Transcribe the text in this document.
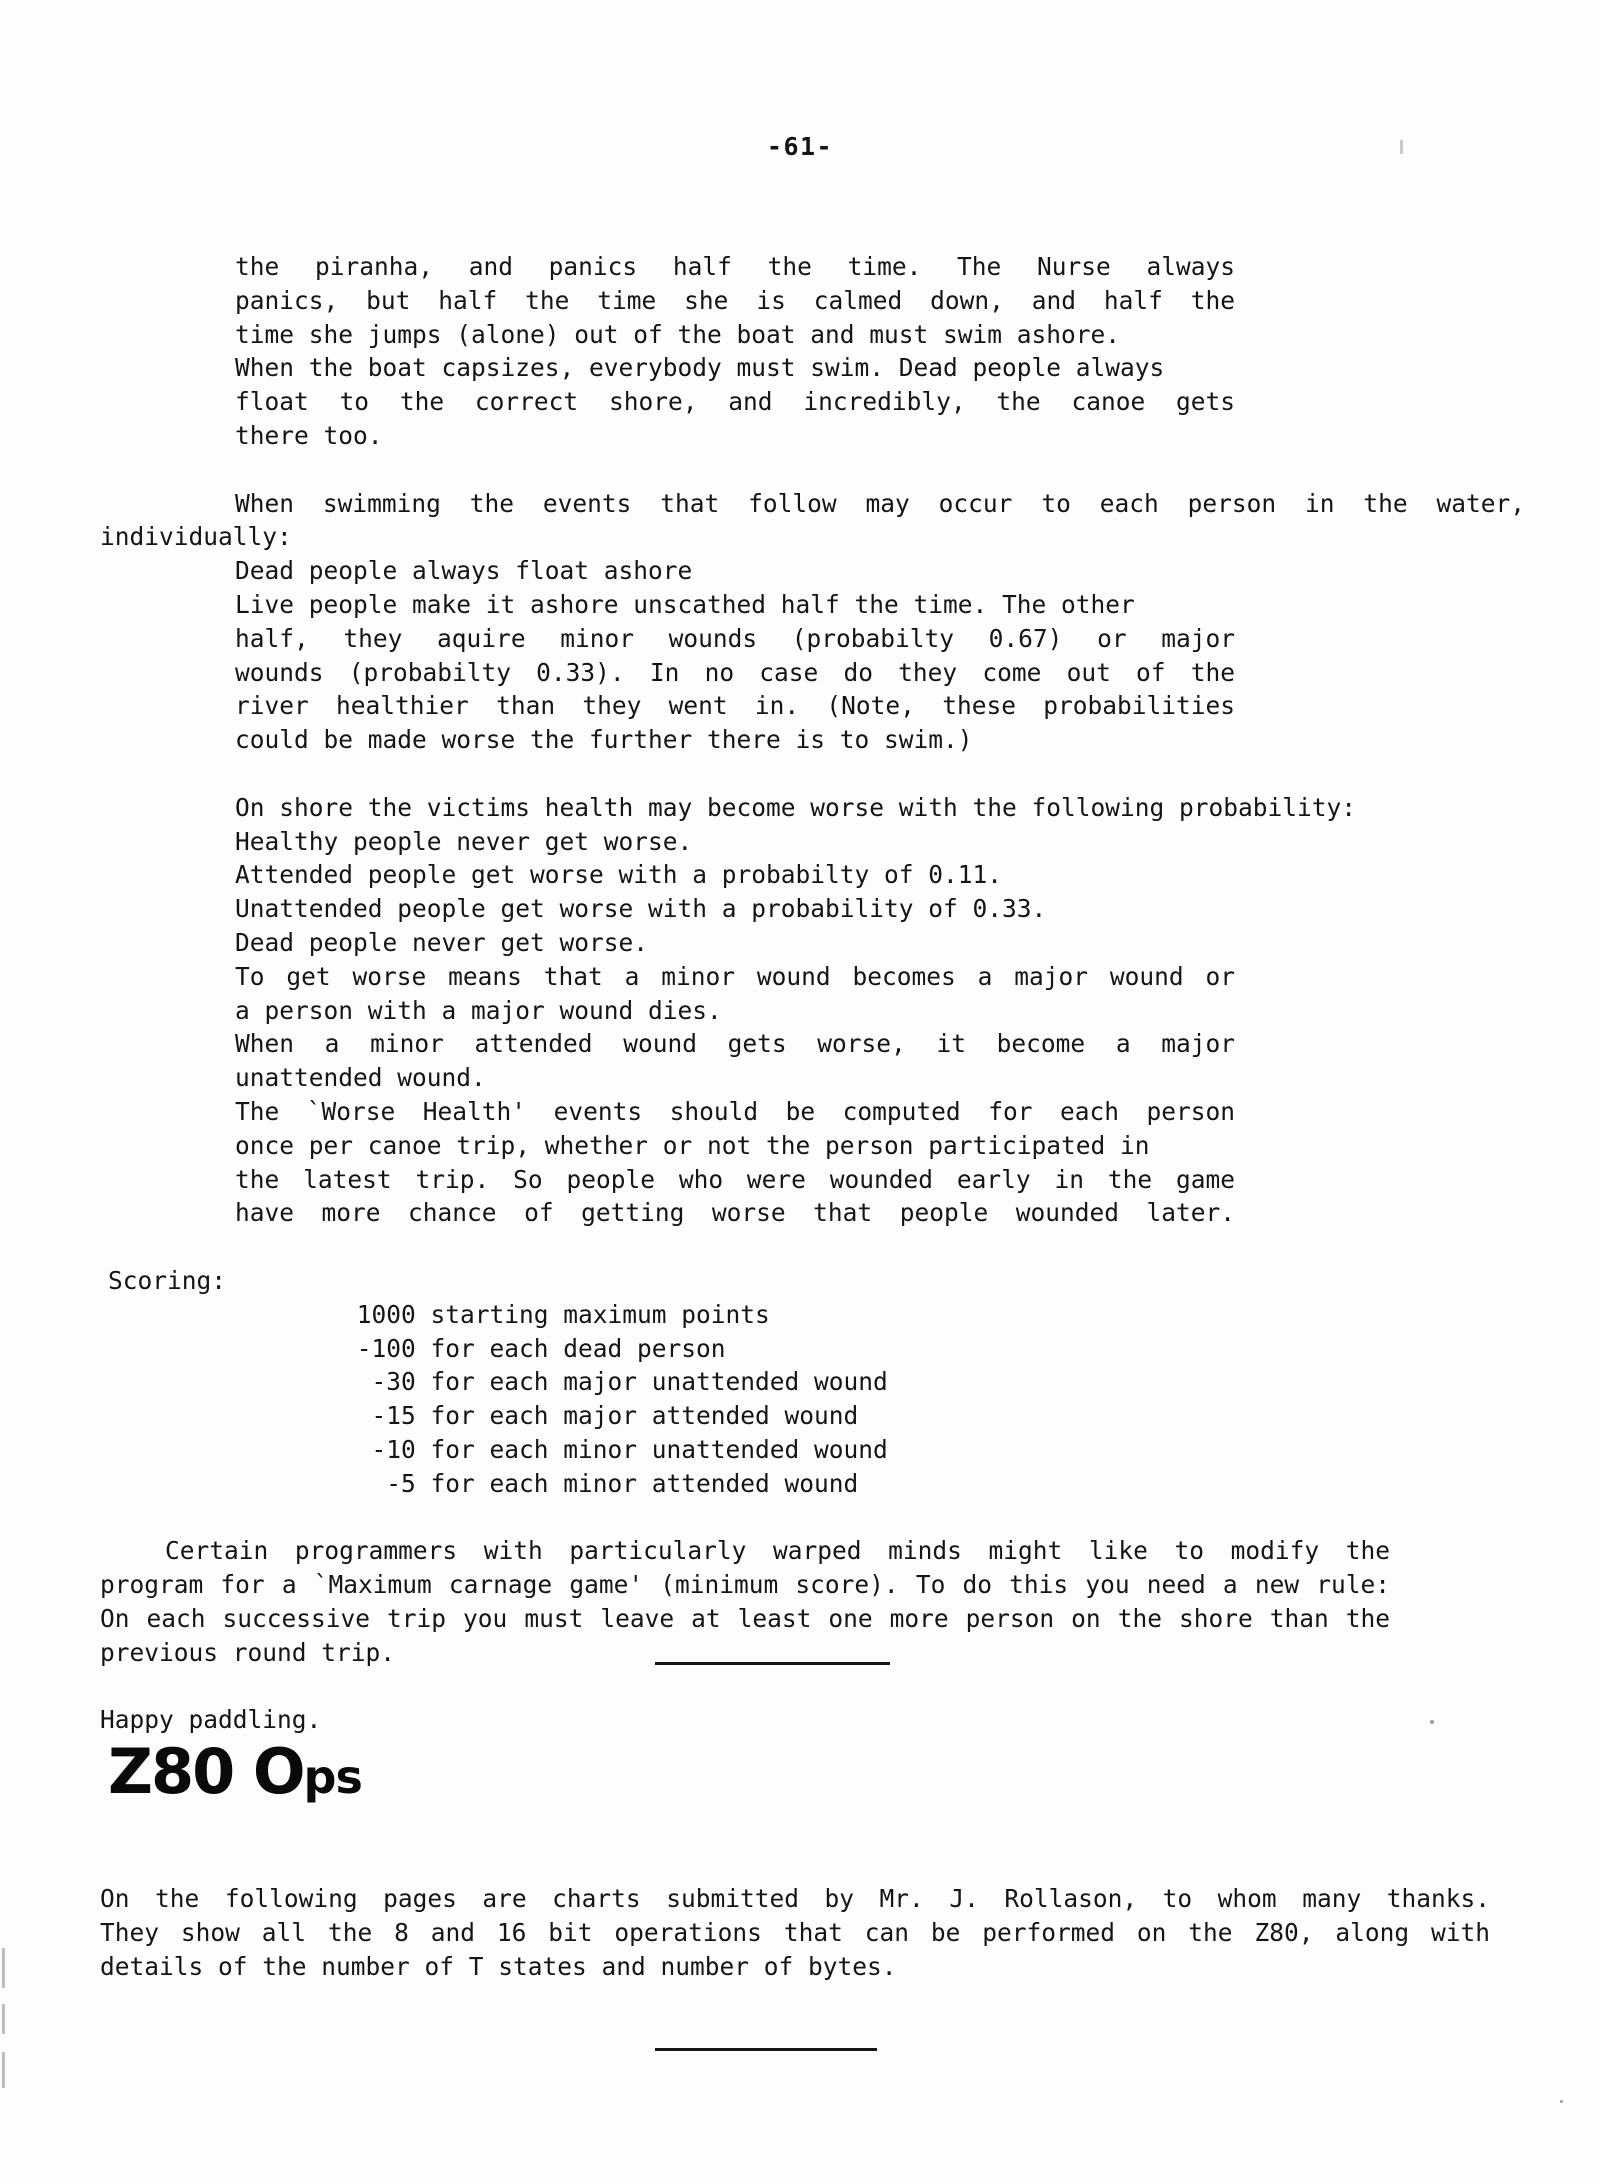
-61-
the piranha, and panics half the time. The Nurse always
panics, but half the time she is calmed down, and half the
time she jumps (alone) out of the boat and must swim ashore.
When the boat capsizes, everybody must swim. Dead people always
float to the correct shore, and incredibly, the canoe gets
there too.
When swimming the events that follow may occur to each person in the water,
individually:
Dead people always float ashore
Live people make it ashore unscathed half the time. The other
half, they aquire minor wounds (probabilty 0.67) or major
wounds (probabilty 0.33). In no case do they come out of the
river healthier than they went in. (Note, these probabilities
could be made worse the further there is to swim.)
On shore the victims health may become worse with the following probability:
Healthy people never get worse.
Attended people get worse with a probabilty of 0.11.
Unattended people get worse with a probability of 0.33.
Dead people never get worse.
To get worse means that a minor wound becomes a major wound or
a person with a major wound dies.
When a minor attended wound gets worse, it become a major
unattended wound.
The `Worse Health' events should be computed for each person
once per canoe trip, whether or not the person participated in
the latest trip. So people who were wounded early in the game
have more chance of getting worse that people wounded later.
Scoring:
1000 starting maximum points
-100 for each dead person
-30 for each major unattended wound
-15 for each major attended wound
-10 for each minor unattended wound
-5 for each minor attended wound
Certain programmers with particularly warped minds might like to modify the
program for a `Maximum carnage game' (minimum score). To do this you need a new rule:
On each successive trip you must leave at least one more person on the shore than the
previous round trip.
Happy paddling.
Z80 Ops
On the following pages are charts submitted by Mr. J. Rollason, to whom many thanks.
They show all the 8 and 16 bit operations that can be performed on the Z80, along with
details of the number of T states and number of bytes.
